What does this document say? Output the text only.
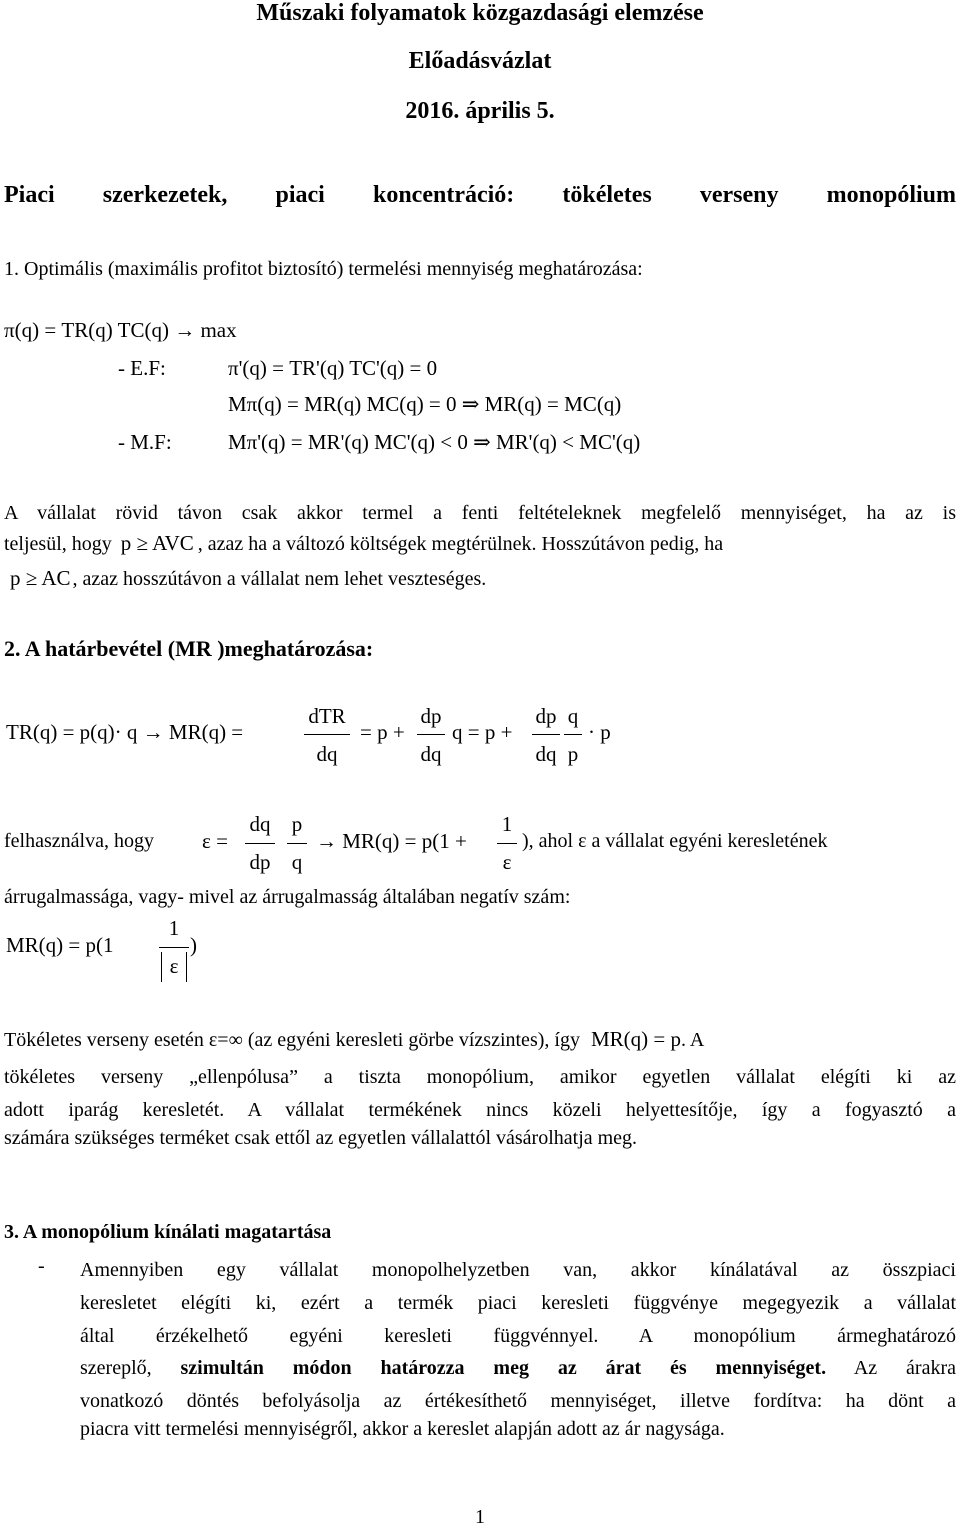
Műszaki folyamatok közgazdasági elemzése
Előadásvázlat
2016. április 5.
Piaci szerkezetek, piaci koncentráció: tökéletes verseny monopólium
1. Optimális (maximális profitot biztosító) termelési mennyiség meghatározása:
π(q) = TR(q) TC(q) → max
- E.F:	π'(q) = TR'(q) TC'(q) = 0
Mπ(q) = MR(q) MC(q) = 0 ⇒ MR(q) = MC(q)
- M.F:	Mπ'(q) = MR'(q) MC'(q) < 0 ⇒ MR'(q) < MC'(q)
A vállalat rövid távon csak akkor termel a fenti feltételeknek megfelelő mennyiséget, ha az is
teljesül, hogy p ≥ AVC , azaz ha a változó költségek megtérülnek. Hosszútávon pedig, ha
p ≥ AC , azaz hosszútávon a vállalat nem lehet veszteséges.
2. A határbevétel (MR )meghatározása:
TR(q) = p(q)· q → MR(q) =
dTR
dq
= p +
dp
dq
q = p +
dp
dq
q
p
· p
felhasználva, hogy ε =
dq
dp
p
q
→ MR(q) = p(1 +
1
ε
), ahol ε a vállalat egyéni keresletének
árrugalmassága, vagy- mivel az árrugalmasság általában negatív szám:
MR(q) = p(1
1
ε
)
Tökéletes verseny esetén ε=∞ (az egyéni keresleti görbe vízszintes), így MR(q) = p. A
tökéletes verseny „ellenpólusa” a tiszta monopólium, amikor egyetlen vállalat elégíti ki az
adott iparág keresletét. A vállalat termékének nincs közeli helyettesítője, így a fogyasztó a
számára szükséges terméket csak ettől az egyetlen vállalattól vásárolhatja meg.
3. A monopólium kínálati magatartása
- Amennyiben egy vállalat monopolhelyzetben van, akkor kínálatával az összpiaci
keresletet elégíti ki, ezért a termék piaci keresleti függvénye megegyezik a vállalat
által érzékelhető egyéni keresleti függvénnyel. A monopólium ármeghatározó
szereplő, szimultán módon határozza meg az árat és mennyiséget. Az árakra
vonatkozó döntés befolyásolja az értékesíthető mennyiséget, illetve fordítva: ha dönt a
piacra vitt termelési mennyiségről, akkor a kereslet alapján adott az ár nagysága.
1
